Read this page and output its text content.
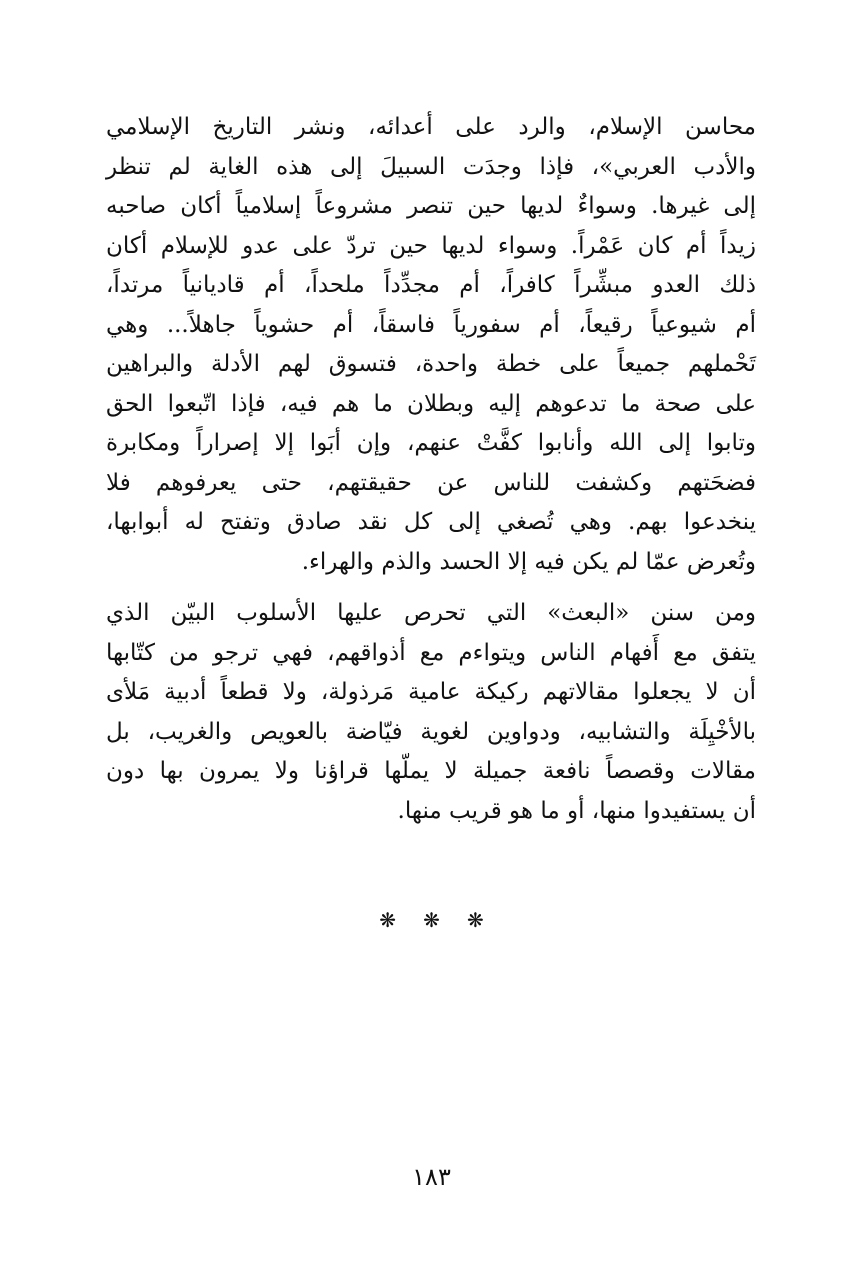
محاسن الإسلام، والرد على أعدائه، ونشر التاريخ الإسلامي
والأدب العربي»، فإذا وجدَت السبيلَ إلى هذه الغاية لم تنظر
إلى غيرها. وسواءٌ لديها حين تنصر مشروعاً إسلامياً أكان صاحبه
زيداً أم كان عَمْراً. وسواء لديها حين تردّ على عدو للإسلام أكان
ذلك العدو مبشِّراً كافراً، أم مجدِّداً ملحداً، أم قاديانياً مرتداً،
أم شيوعياً رقيعاً، أم سفورياً فاسقاً، أم حشوياً جاهلاً... وهي
تَحْملهم جميعاً على خطة واحدة، فتسوق لهم الأدلة والبراهين
على صحة ما تدعوهم إليه وبطلان ما هم فيه، فإذا اتّبعوا الحق
وتابوا إلى الله وأنابوا كفَّتْ عنهم، وإن أبَوا إلا إصراراً ومكابرة
فضحَتهم وكشفت للناس عن حقيقتهم، حتى يعرفوهم فلا
ينخدعوا بهم. وهي تُصغي إلى كل نقد صادق وتفتح له أبوابها،
وتُعرض عمّا لم يكن فيه إلا الحسد والذم والهراء.
ومن سنن «البعث» التي تحرص عليها الأسلوب البيّن الذي
يتفق مع أَفهام الناس ويتواءم مع أذواقهم، فهي ترجو من كتّابها
أن لا يجعلوا مقالاتهم ركيكة عامية مَرذولة، ولا قطعاً أدبية مَلأى
بالأخْيِلَة والتشابيه، ودواوين لغوية فيّاضة بالعويص والغريب، بل
مقالات وقصصاً نافعة جميلة لا يملّها قراؤنا ولا يمرون بها دون
أن يستفيدوا منها، أو ما هو قريب منها.
❋ ❋ ❋
١٨٣
